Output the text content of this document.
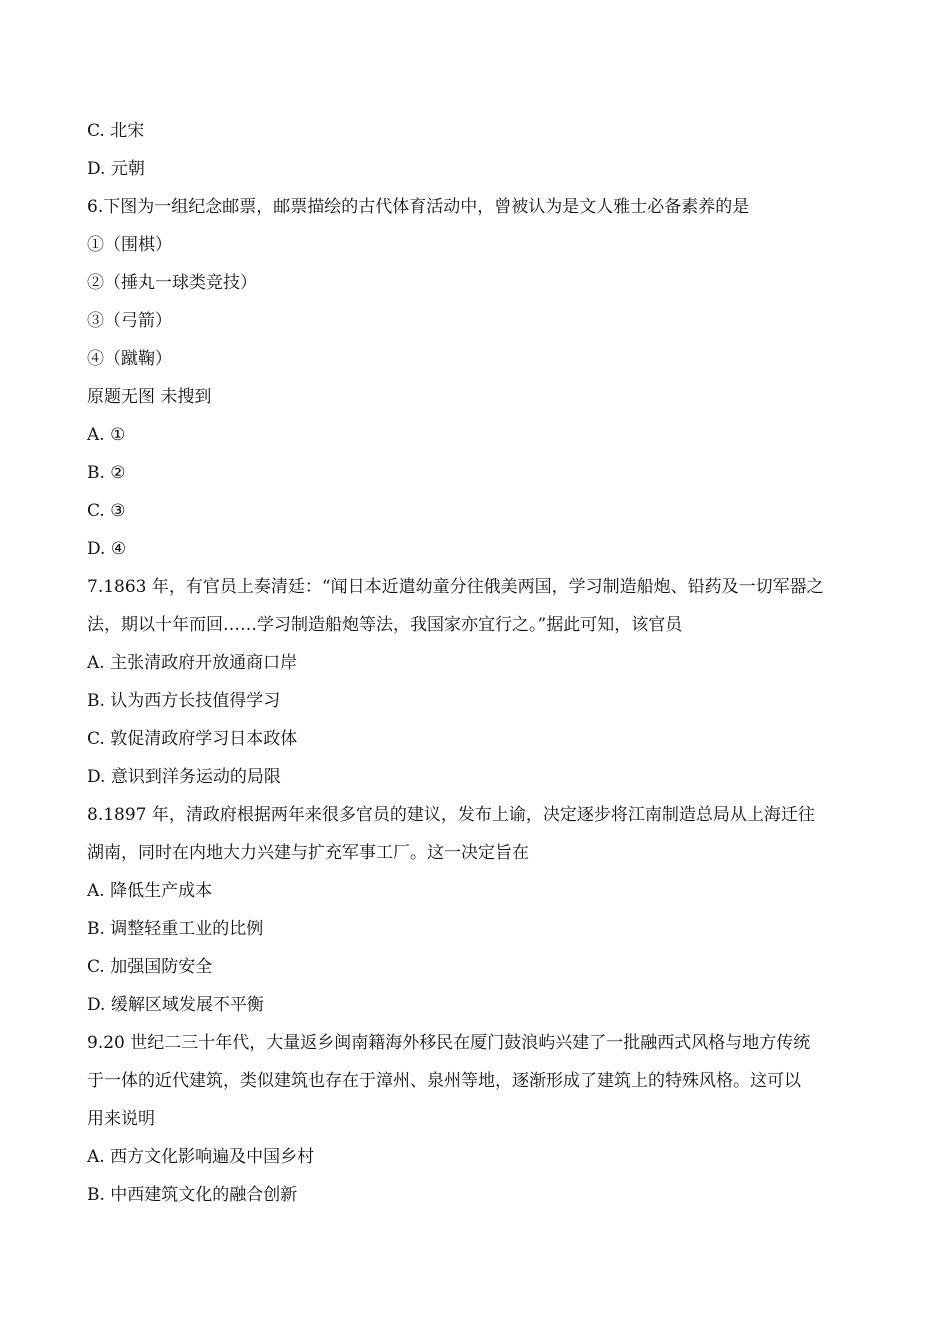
C. 北宋
D. 元朝
6.下图为一组纪念邮票，邮票描绘的古代体育活动中，曾被认为是文人雅士必备素养的是
①（围棋）
②（捶丸一球类竞技）
③（弓箭）
④（蹴鞠）
原题无图 未搜到
A. ①
B. ②
C. ③
D. ④
7.1863 年，有官员上奏清廷：“闻日本近遣幼童分往俄美两国，学习制造船炮、铅药及一切军器之
法，期以十年而回……学习制造船炮等法，我国家亦宜行之。”据此可知，该官员
A. 主张清政府开放通商口岸
B. 认为西方长技值得学习
C. 敦促清政府学习日本政体
D. 意识到洋务运动的局限
8.1897 年，清政府根据两年来很多官员的建议，发布上谕，决定逐步将江南制造总局从上海迁往
湖南，同时在内地大力兴建与扩充军事工厂。这一决定旨在
A. 降低生产成本
B. 调整轻重工业的比例
C. 加强国防安全
D. 缓解区域发展不平衡
9.20 世纪二三十年代，大量返乡闽南籍海外移民在厦门鼓浪屿兴建了一批融西式风格与地方传统
于一体的近代建筑，类似建筑也存在于漳州、泉州等地，逐渐形成了建筑上的特殊风格。这可以
用来说明
A. 西方文化影响遍及中国乡村
B. 中西建筑文化的融合创新
